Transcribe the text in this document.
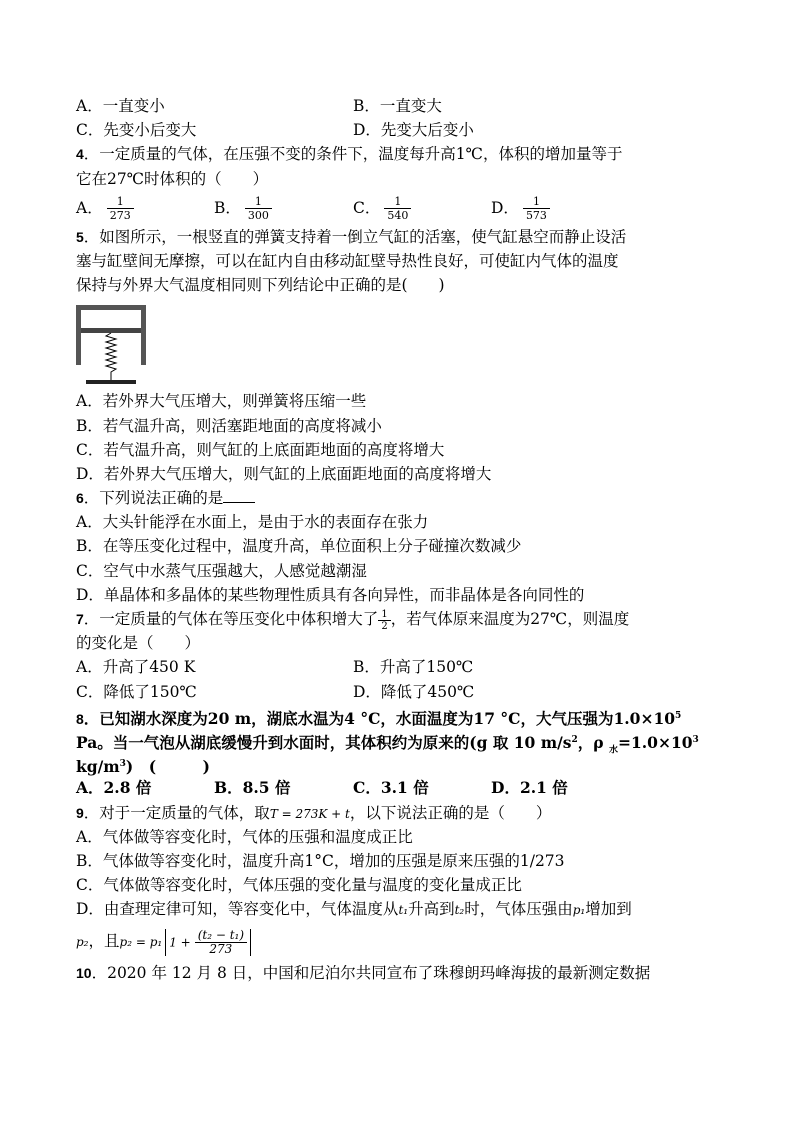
A．一直变小	B．一直变大
C．先变小后变大	D．先变大后变小
4．一定质量的气体，在压强不变的条件下，温度每升高1℃，体积的增加量等于
它在27℃时体积的（　　）
A． $\frac{1}{273}$	B． $\frac{1}{300}$	C． $\frac{1}{540}$	D． $\frac{1}{573}$
5．如图所示，一根竖直的弹簧支持着一倒立气缸的活塞，使气缸悬空而静止设活
塞与缸壁间无摩擦，可以在缸内自由移动缸壁导热性良好，可使缸内气体的温度
保持与外界大气温度相同则下列结论中正确的是(　　)
A．若外界大气压增大，则弹簧将压缩一些
B．若气温升高，则活塞距地面的高度将减小
C．若气温升高，则气缸的上底面距地面的高度将增大
D．若外界大气压增大，则气缸的上底面距地面的高度将增大
6．下列说法正确的是
A．大头针能浮在水面上，是由于水的表面存在张力
B．在等压变化过程中，温度升高，单位面积上分子碰撞次数减少
C．空气中水蒸气压强越大，人感觉越潮湿
D．单晶体和多晶体的某些物理性质具有各向异性，而非晶体是各向同性的
7．一定质量的气体在等压变化中体积增大了 $\frac{1}{2}$ ，若气体原来温度为27℃，则温度
的变化是（　　）
A．升高了450 K	B．升高了150℃
C．降低了150℃	D．降低了450℃
8．已知湖水深度为20 m，湖底水温为4 °C，水面温度为17 °C，大气压强为$1.0\times 10^5$
Pa。当一气泡从湖底缓慢升到水面时，其体积约为原来的(g 取 10 $m/s^2$，ρ $_水=1.0\times 10^3$
$kg/m^3$)　(　　　)
A．2.8 倍	B．8.5 倍	C．3.1 倍	D．2.1 倍
9．对于一定质量的气体，取T = 273K + t，以下说法正确的是（　　）
A．气体做等容变化时，气体的压强和温度成正比
B．气体做等容变化时，温度升高1°C，增加的压强是原来压强的1/273
C．气体做等容变化时，气体压强的变化量与温度的变化量成正比
D．由查理定律可知，等容变化中，气体温度从t₁升高到t₂时，气体压强由p₁增加到
p₂，且p₂ = p₁ $1 + \frac{\text{(t₂ − t₁)}}{273}$
10．2020 年 12 月 8 日，中国和尼泊尔共同宣布了珠穆朗玛峰海拔的最新测定数据
